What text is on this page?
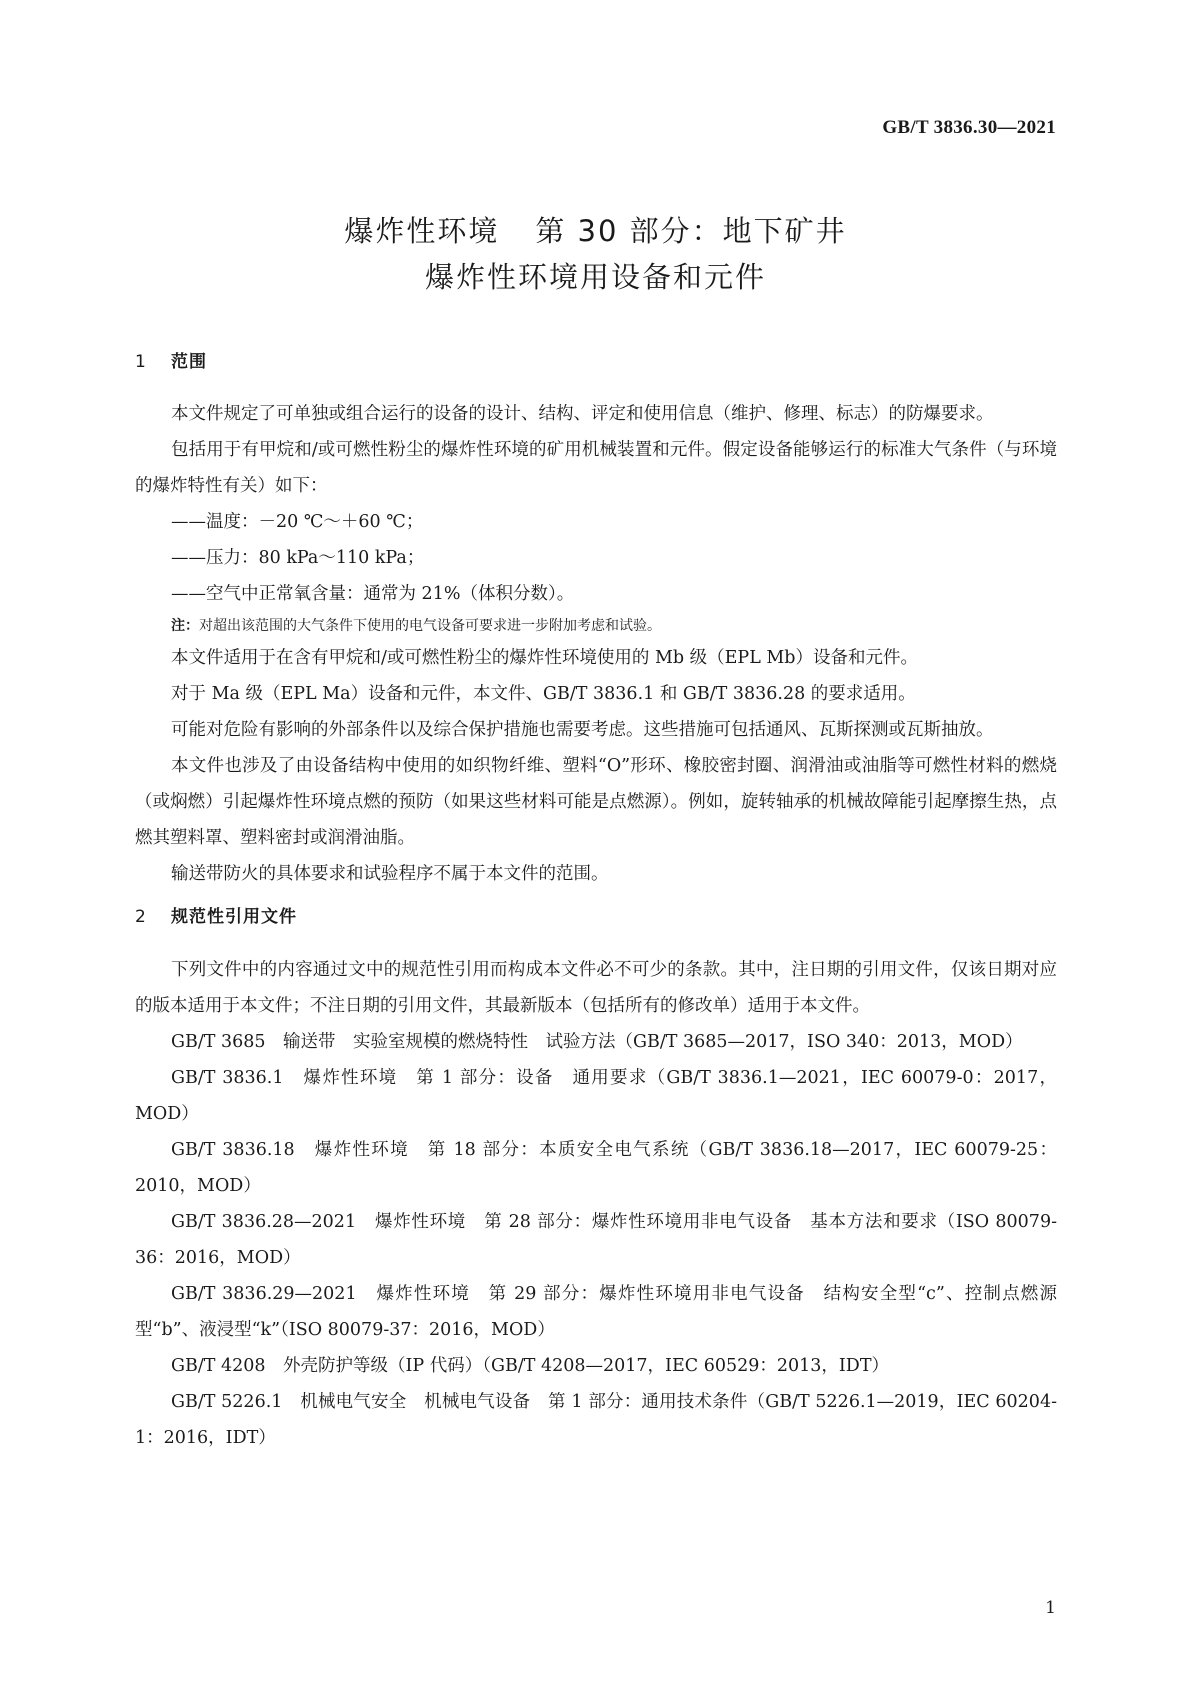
GB/T 3836.30—2021
爆炸性环境 第 30 部分：地下矿井
爆炸性环境用设备和元件
1 范围

本文件规定了可单独或组合运行的设备的设计、结构、评定和使用信息（维护、修理、标志）的防爆要求。

包括用于有甲烷和/或可燃性粉尘的爆炸性环境的矿用机械装置和元件。假定设备能够运行的标准大气条件（与环境的爆炸特性有关）如下：

——温度：－20 ℃～＋60 ℃；

——压力：80 kPa～110 kPa；

——空气中正常氧含量：通常为 21%（体积分数）。

注：对超出该范围的大气条件下使用的电气设备可要求进一步附加考虑和试验。

本文件适用于在含有甲烷和/或可燃性粉尘的爆炸性环境使用的 Mb 级（EPL Mb）设备和元件。

对于 Ma 级（EPL Ma）设备和元件，本文件、GB/T 3836.1 和 GB/T 3836.28 的要求适用。

可能对危险有影响的外部条件以及综合保护措施也需要考虑。这些措施可包括通风、瓦斯探测或瓦斯抽放。

本文件也涉及了由设备结构中使用的如织物纤维、塑料“O”形环、橡胶密封圈、润滑油或油脂等可燃性材料的燃烧（或焖燃）引起爆炸性环境点燃的预防（如果这些材料可能是点燃源）。例如，旋转轴承的机械故障能引起摩擦生热，点燃其塑料罩、塑料密封或润滑油脂。

输送带防火的具体要求和试验程序不属于本文件的范围。

2 规范性引用文件

下列文件中的内容通过文中的规范性引用而构成本文件必不可少的条款。其中，注日期的引用文件，仅该日期对应的版本适用于本文件；不注日期的引用文件，其最新版本（包括所有的修改单）适用于本文件。

GB/T 3685　输送带　实验室规模的燃烧特性　试验方法（GB/T 3685—2017，ISO 340：2013，MOD）

GB/T 3836.1　爆炸性环境　第 1 部分：设备　通用要求（GB/T 3836.1—2021，IEC 60079-0：2017，MOD）

GB/T 3836.18　爆炸性环境　第 18 部分：本质安全电气系统（GB/T 3836.18—2017，IEC 60079-25：2010，MOD）

GB/T 3836.28—2021　爆炸性环境　第 28 部分：爆炸性环境用非电气设备　基本方法和要求（ISO 80079-36：2016，MOD）

GB/T 3836.29—2021　爆炸性环境　第 29 部分：爆炸性环境用非电气设备　结构安全型“c”、控制点燃源型“b”、液浸型“k”（ISO 80079-37：2016，MOD）

GB/T 4208　外壳防护等级（IP 代码）（GB/T 4208—2017，IEC 60529：2013，IDT）

GB/T 5226.1　机械电气安全　机械电气设备　第 1 部分：通用技术条件（GB/T 5226.1—2019，IEC 60204-1：2016，IDT）

1
